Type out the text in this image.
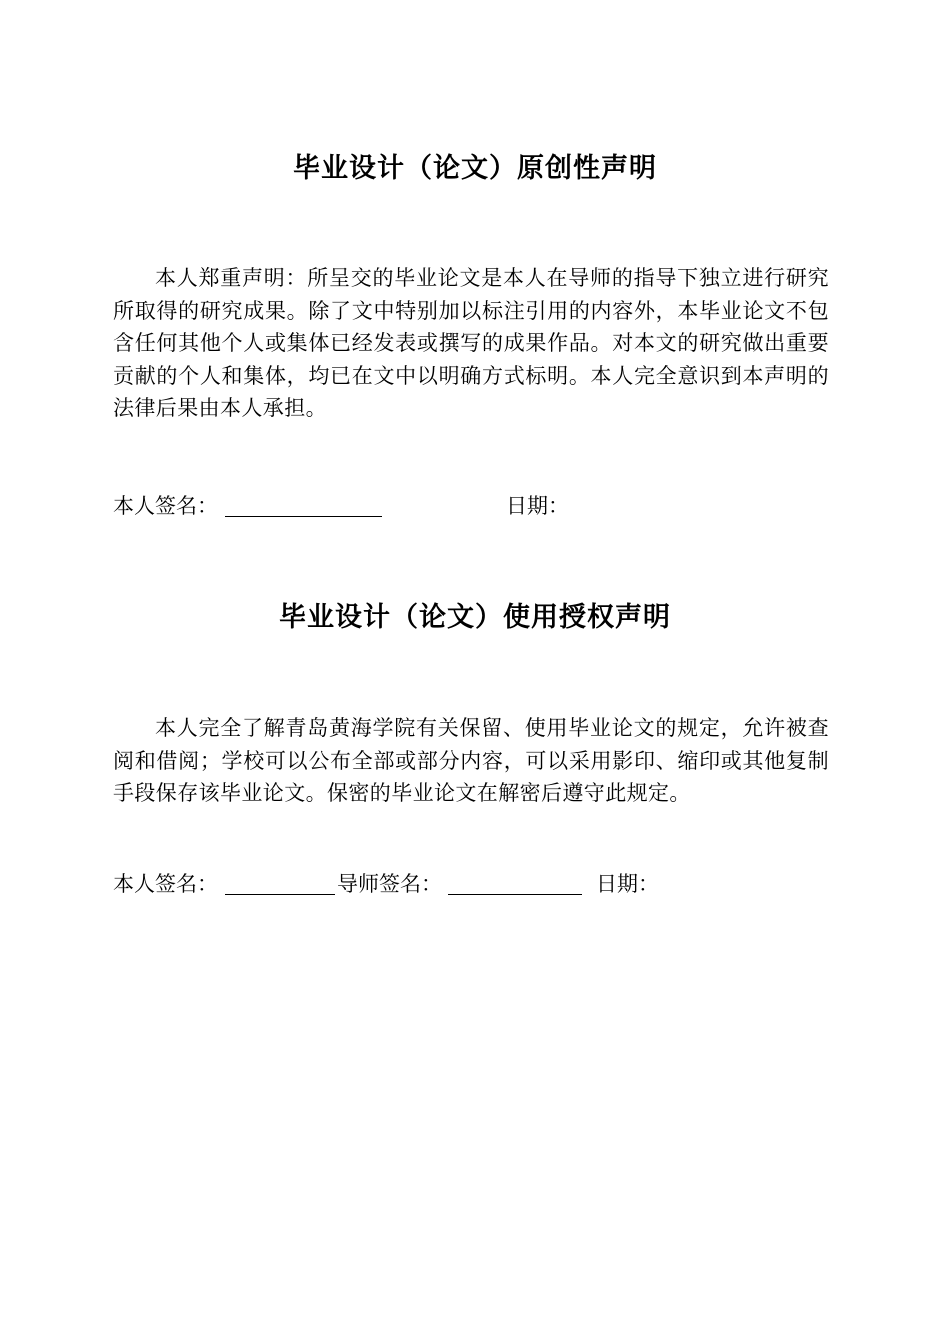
毕业设计（论文）原创性声明
本人郑重声明：所呈交的毕业论文是本人在导师的指导下独立进行研究所取得的研究成果。除了文中特别加以标注引用的内容外，本毕业论文不包含任何其他个人或集体已经发表或撰写的成果作品。对本文的研究做出重要贡献的个人和集体，均已在文中以明确方式标明。本人完全意识到本声明的法律后果由本人承担。
本人签名：	日期：
毕业设计（论文）使用授权声明
本人完全了解青岛黄海学院有关保留、使用毕业论文的规定，允许被查阅和借阅；学校可以公布全部或部分内容，可以采用影印、缩印或其他复制手段保存该毕业论文。保密的毕业论文在解密后遵守此规定。
本人签名：	导师签名：	日期：
